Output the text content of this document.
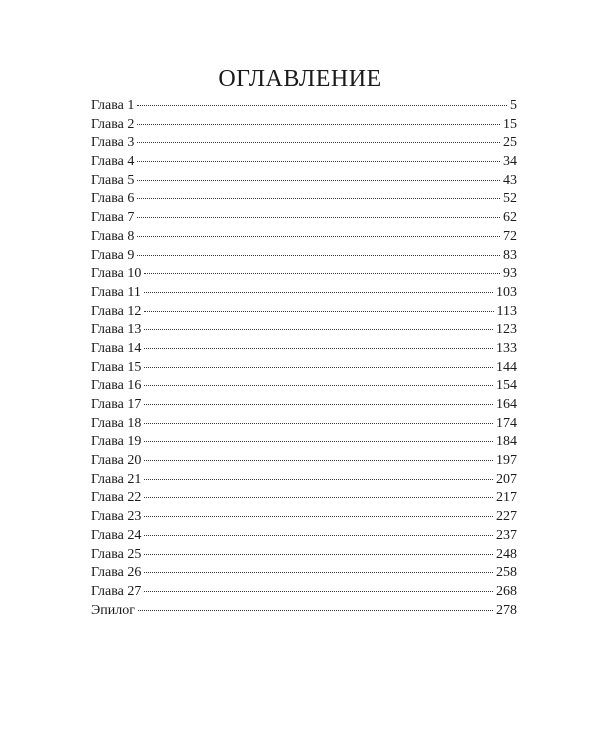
ОГЛАВЛЕНИЕ
Глава 1	5
Глава 2	15
Глава 3	25
Глава 4	34
Глава 5	43
Глава 6	52
Глава 7	62
Глава 8	72
Глава 9	83
Глава 10	93
Глава 11	103
Глава 12	113
Глава 13	123
Глава 14	133
Глава 15	144
Глава 16	154
Глава 17	164
Глава 18	174
Глава 19	184
Глава 20	197
Глава 21	207
Глава 22	217
Глава 23	227
Глава 24	237
Глава 25	248
Глава 26	258
Глава 27	268
Эпилог	278
